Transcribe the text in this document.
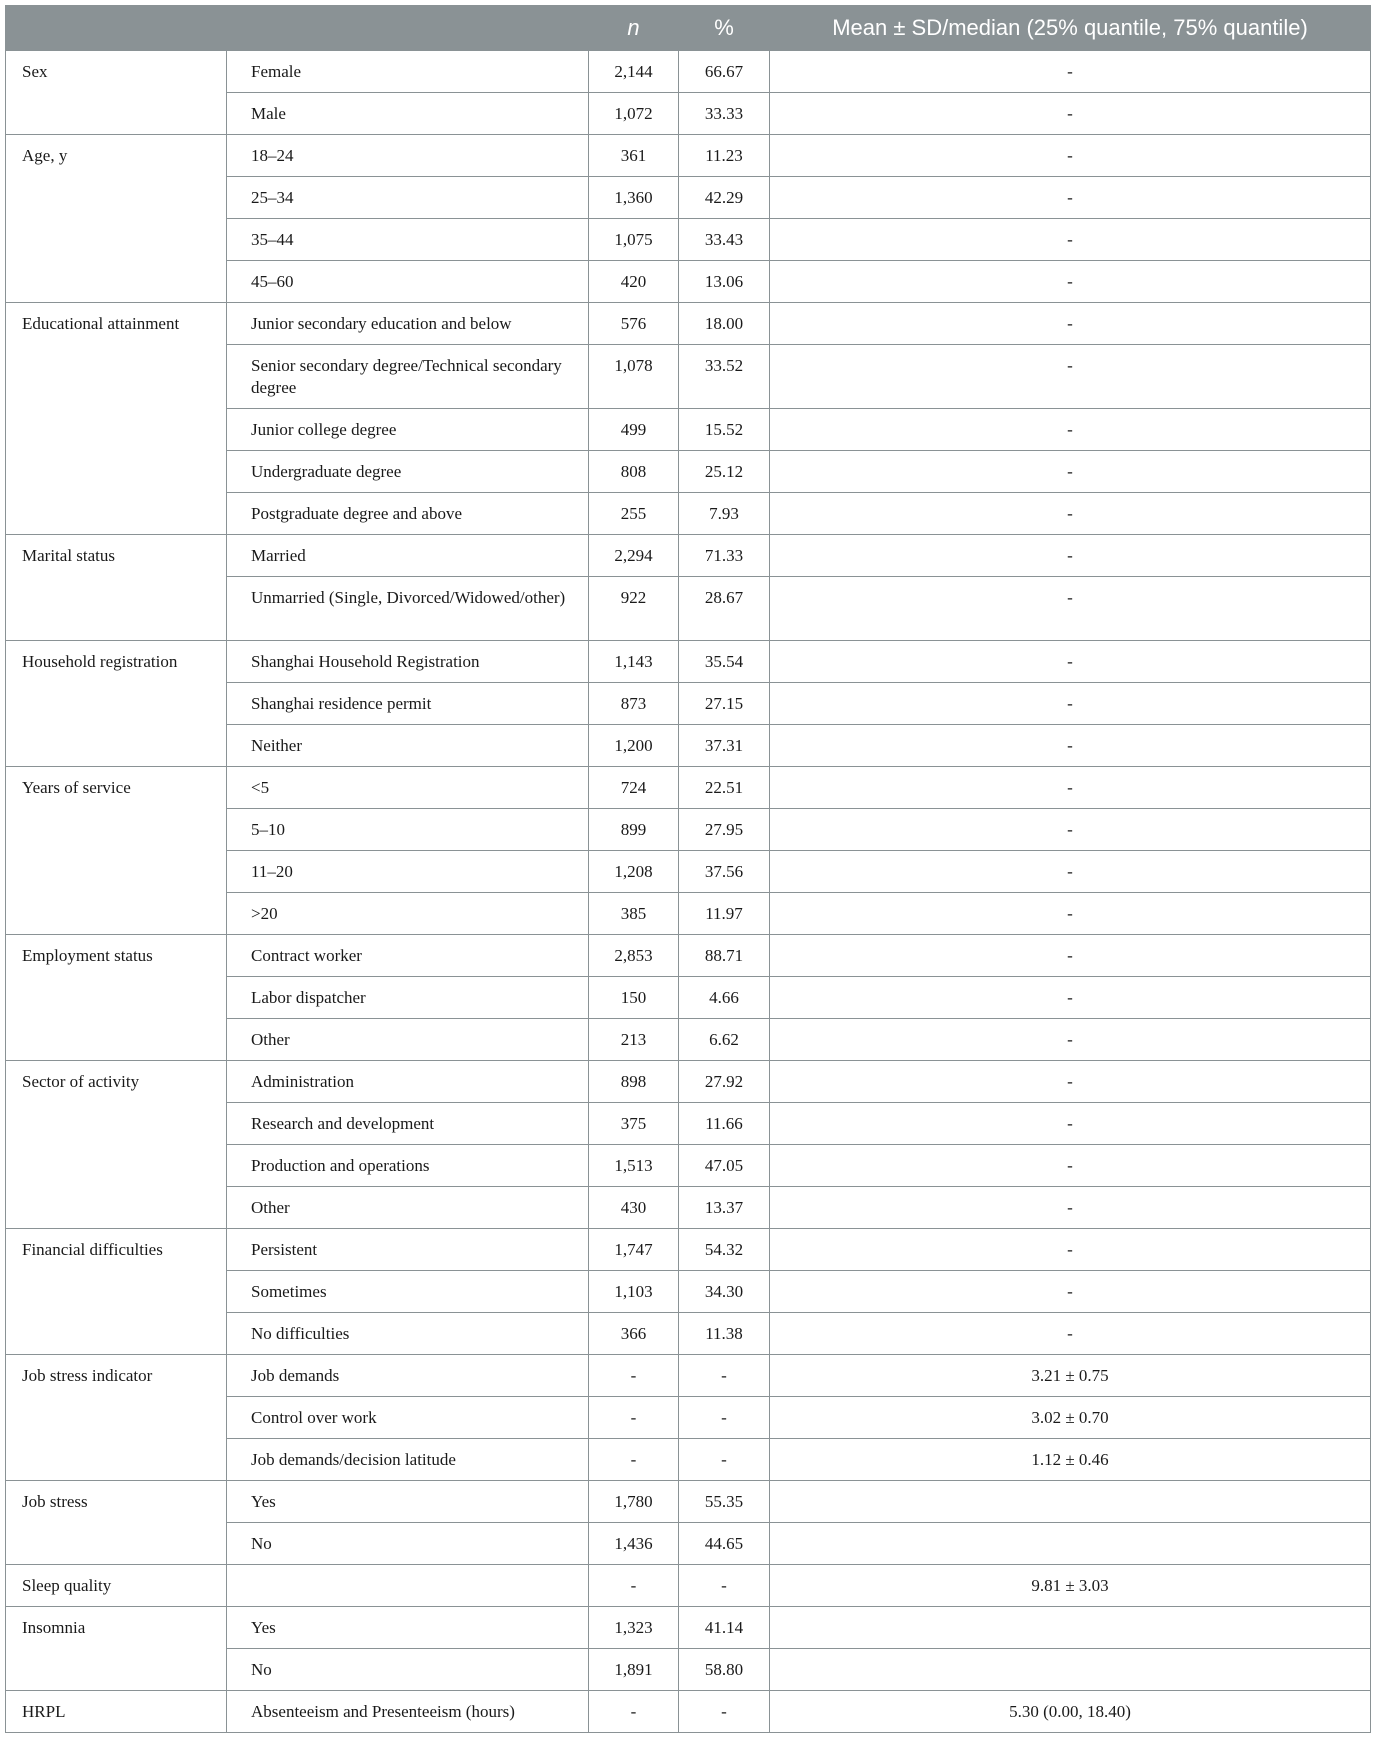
		n	%	Mean ± SD/median (25% quantile, 75% quantile)
Sex	Female	2,144	66.67	-
	Male	1,072	33.33	-
Age, y	18–24	361	11.23	-
	25–34	1,360	42.29	-
	35–44	1,075	33.43	-
	45–60	420	13.06	-
Educational attainment	Junior secondary education and below	576	18.00	-
	Senior secondary degree/Technical secondary degree	1,078	33.52	-
	Junior college degree	499	15.52	-
	Undergraduate degree	808	25.12	-
	Postgraduate degree and above	255	7.93	-
Marital status	Married	2,294	71.33	-
	Unmarried (Single, Divorced/Widowed/other)	922	28.67	-
Household registration	Shanghai Household Registration	1,143	35.54	-
	Shanghai residence permit	873	27.15	-
	Neither	1,200	37.31	-
Years of service	<5	724	22.51	-
	5–10	899	27.95	-
	11–20	1,208	37.56	-
	>20	385	11.97	-
Employment status	Contract worker	2,853	88.71	-
	Labor dispatcher	150	4.66	-
	Other	213	6.62	-
Sector of activity	Administration	898	27.92	-
	Research and development	375	11.66	-
	Production and operations	1,513	47.05	-
	Other	430	13.37	-
Financial difficulties	Persistent	1,747	54.32	-
	Sometimes	1,103	34.30	-
	No difficulties	366	11.38	-
Job stress indicator	Job demands	-	-	3.21 ± 0.75
	Control over work	-	-	3.02 ± 0.70
	Job demands/decision latitude	-	-	1.12 ± 0.46
Job stress	Yes	1,780	55.35	
	No	1,436	44.65	
Sleep quality		-	-	9.81 ± 3.03
Insomnia	Yes	1,323	41.14	
	No	1,891	58.80	
HRPL	Absenteeism and Presenteeism (hours)	-	-	5.30 (0.00, 18.40)
